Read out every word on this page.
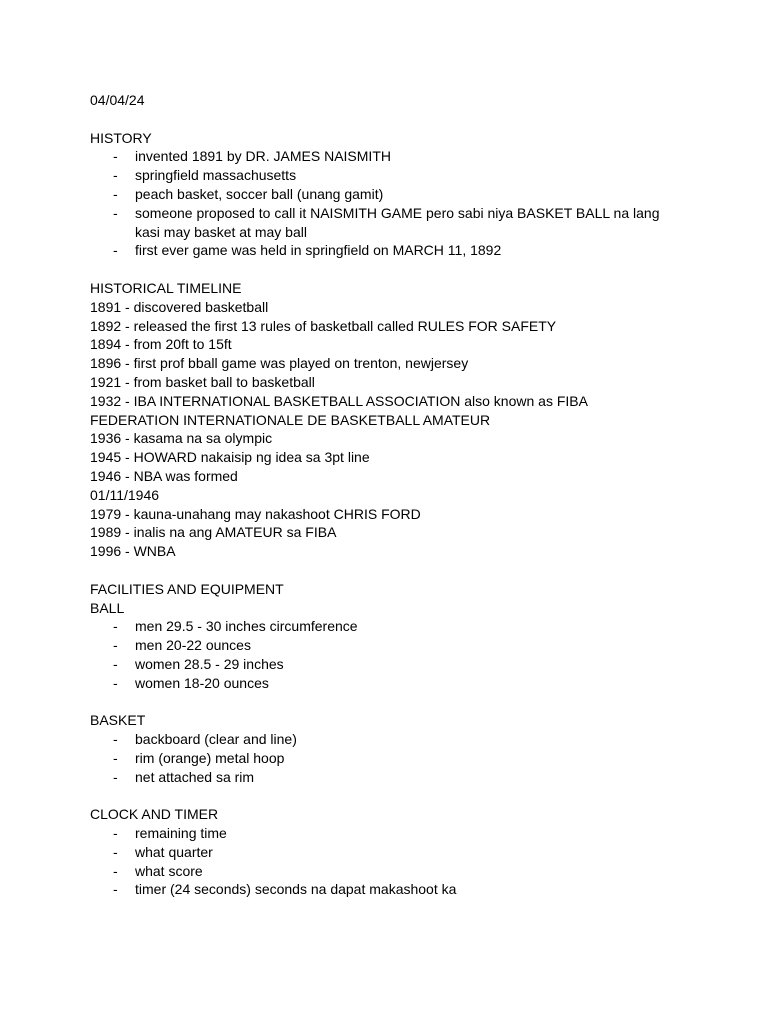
04/04/24
HISTORY
- invented 1891 by DR. JAMES NAISMITH
- springfield massachusetts
- peach basket, soccer ball (unang gamit)
- someone proposed to call it NAISMITH GAME pero sabi niya BASKET BALL na lang kasi may basket at may ball
- first ever game was held in springfield on MARCH 11, 1892
HISTORICAL TIMELINE
1891 - discovered basketball
1892 - released the first 13 rules of basketball called RULES FOR SAFETY
1894 - from 20ft to 15ft
1896 - first prof bball game was played on trenton, newjersey
1921 - from basket ball to basketball
1932 - IBA INTERNATIONAL BASKETBALL ASSOCIATION also known as FIBA FEDERATION INTERNATIONALE DE BASKETBALL AMATEUR
1936 - kasama na sa olympic
1945 - HOWARD nakaisip ng idea sa 3pt line
1946 - NBA was formed
01/11/1946
1979 - kauna-unahang may nakashoot CHRIS FORD
1989 - inalis na ang AMATEUR sa FIBA
1996 - WNBA
FACILITIES AND EQUIPMENT
BALL
- men 29.5 - 30 inches circumference
- men 20-22 ounces
- women 28.5 - 29 inches
- women 18-20 ounces
BASKET
- backboard (clear and line)
- rim (orange) metal hoop
- net attached sa rim
CLOCK AND TIMER
- remaining time
- what quarter
- what score
- timer (24 seconds) seconds na dapat makashoot ka
